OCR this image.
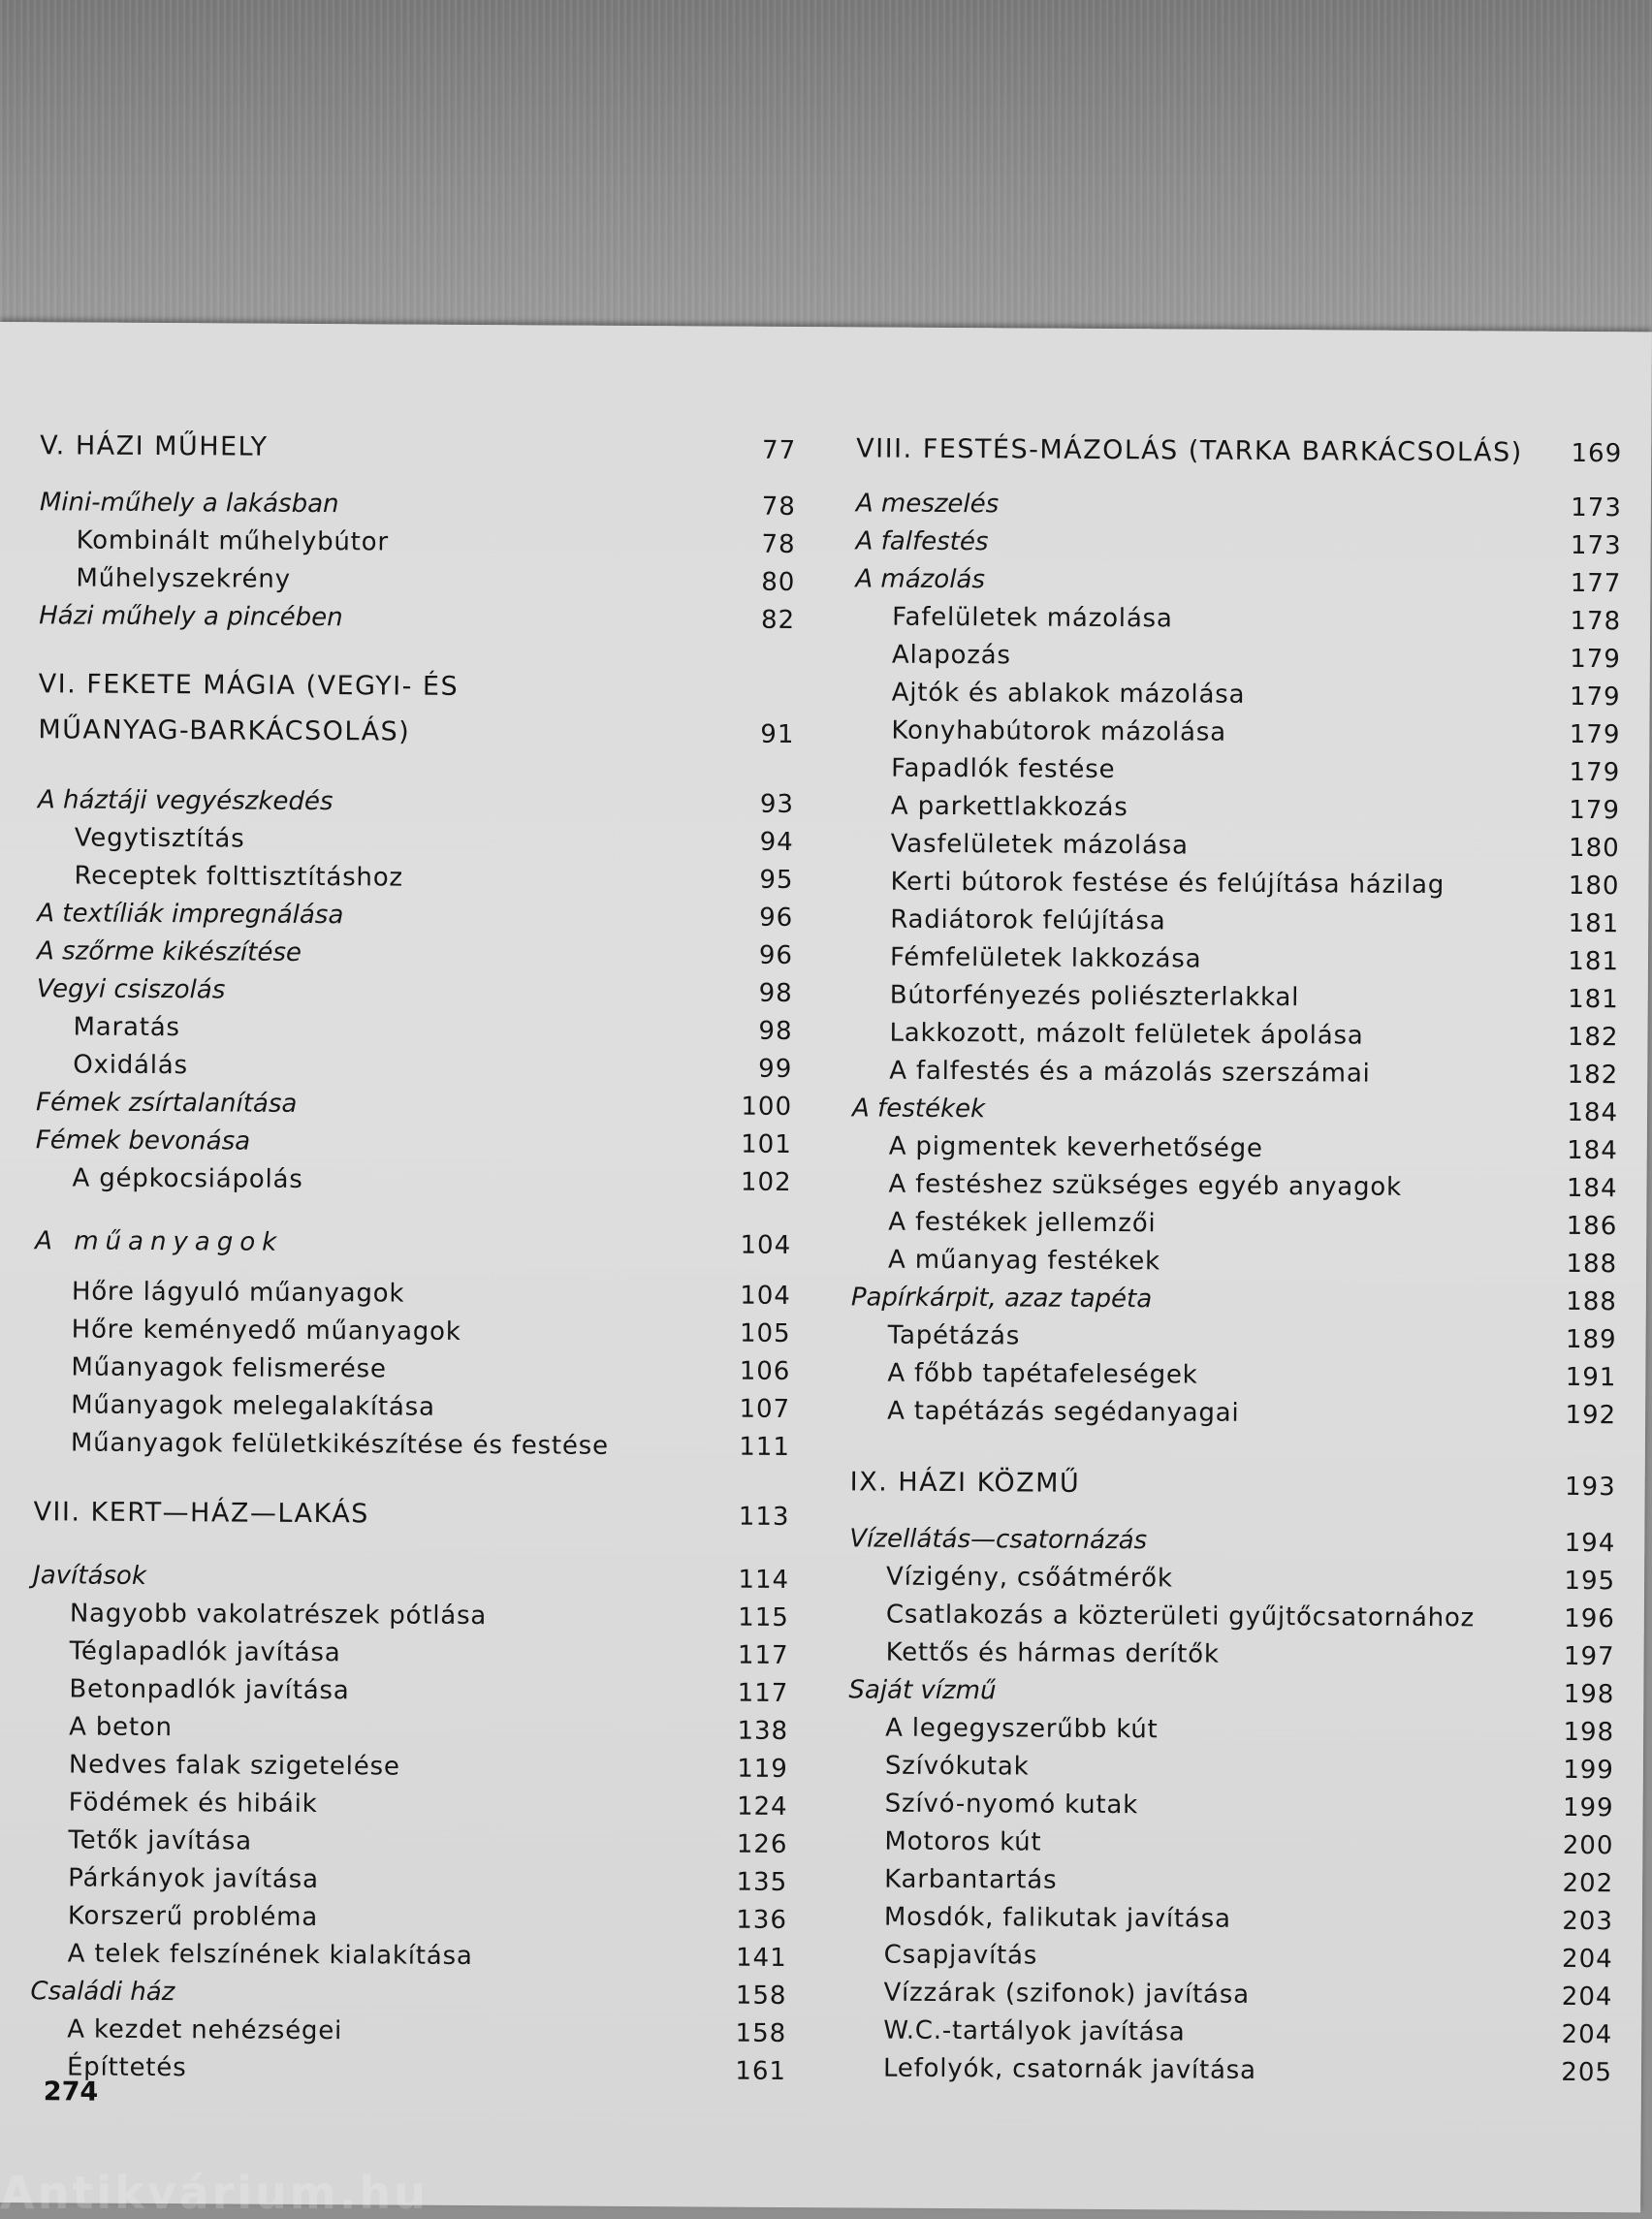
V. HÁZI MŰHELY	77
Mini-műhely a lakásban	78
Kombinált műhelybútor	78
Műhelyszekrény	80
Házi műhely a pincében	82
VI. FEKETE MÁGIA (VEGYI- ÉS
MŰANYAG-BARKÁCSOLÁS)	91
A háztáji vegyészkedés	93
Vegytisztítás	94
Receptek folttisztításhoz	95
A textíliák impregnálása	96
A szőrme kikészítése	96
Vegyi csiszolás	98
Maratás	98
Oxidálás	99
Fémek zsírtalanítása	100
Fémek bevonása	101
A gépkocsiápolás	102
A műanyagok	104
Hőre lágyuló műanyagok	104
Hőre keményedő műanyagok	105
Műanyagok felismerése	106
Műanyagok melegalakítása	107
Műanyagok felületkikészítése és festése	111
VII. KERT—HÁZ—LAKÁS	113
Javítások	114
Nagyobb vakolatrészek pótlása	115
Téglapadlók javítása	117
Betonpadlók javítása	117
A beton	138
Nedves falak szigetelése	119
Födémek és hibáik	124
Tetők javítása	126
Párkányok javítása	135
Korszerű probléma	136
A telek felszínének kialakítása	141
Családi ház	158
A kezdet nehézségei	158
Építtetés	161
VIII. FESTÉS-MÁZOLÁS (TARKA BARKÁCSOLÁS)	169
A meszelés	173
A falfestés	173
A mázolás	177
Fafelületek mázolása	178
Alapozás	179
Ajtók és ablakok mázolása	179
Konyhabútorok mázolása	179
Fapadlók festése	179
A parkettlakkozás	179
Vasfelületek mázolása	180
Kerti bútorok festése és felújítása házilag	180
Radiátorok felújítása	181
Fémfelületek lakkozása	181
Bútorfényezés poliészterlakkal	181
Lakkozott, mázolt felületek ápolása	182
A falfestés és a mázolás szerszámai	182
A festékek	184
A pigmentek keverhetősége	184
A festéshez szükséges egyéb anyagok	184
A festékek jellemzői	186
A műanyag festékek	188
Papírkárpit, azaz tapéta	188
Tapétázás	189
A főbb tapétafeleségek	191
A tapétázás segédanyagai	192
IX. HÁZI KÖZMŰ	193
Vízellátás—csatornázás	194
Vízigény, csőátmérők	195
Csatlakozás a közterületi gyűjtőcsatornához	196
Kettős és hármas derítők	197
Saját vízmű	198
A legegyszerűbb kút	198
Szívókutak	199
Szívó-nyomó kutak	199
Motoros kút	200
Karbantartás	202
Mosdók, falikutak javítása	203
Csapjavítás	204
Vízzárak (szifonok) javítása	204
W.C.-tartályok javítása	204
Lefolyók, csatornák javítása	205
274
Antikvárium.hu
